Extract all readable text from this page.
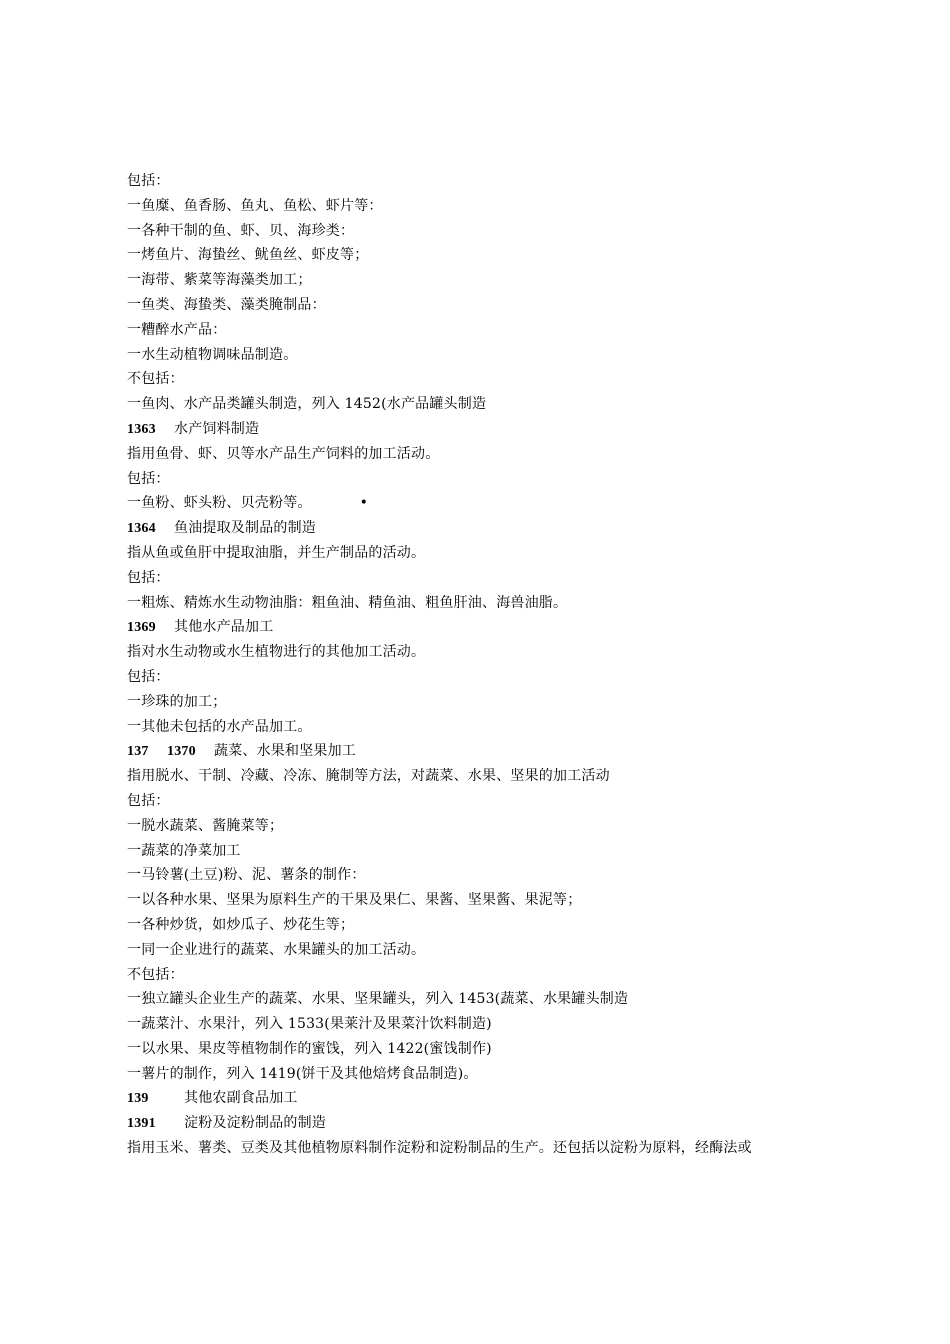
包括：
一鱼糜、鱼香肠、鱼丸、鱼松、虾片等：
一各种干制的鱼、虾、贝、海珍类：
一烤鱼片、海蛰丝、鱿鱼丝、虾皮等；
一海带、紫菜等海藻类加工；
一鱼类、海蛰类、藻类腌制品：
一糟醉水产品：
一水生动植物调味品制造。
不包括：
一鱼肉、水产品类罐头制造，列入 1452(水产品罐头制造
1363 水产饲料制造
指用鱼骨、虾、贝等水产品生产饲料的加工活动。
包括：
一鱼粉、虾头粉、贝壳粉等。	•
1364 鱼油提取及制品的制造
指从鱼或鱼肝中提取油脂，并生产制品的活动。
包括：
一粗炼、精炼水生动物油脂：粗鱼油、精鱼油、粗鱼肝油、海兽油脂。
1369 其他水产品加工
指对水生动物或水生植物进行的其他加工活动。
包括：
一珍珠的加工；
一其他未包括的水产品加工。
137 1370 蔬菜、水果和坚果加工
指用脱水、干制、冷藏、冷冻、腌制等方法，对蔬菜、水果、坚果的加工活动
包括：
一脱水蔬菜、酱腌菜等；
一蔬菜的净菜加工
一马铃薯(土豆)粉、泥、薯条的制作：
一以各种水果、坚果为原料生产的干果及果仁、果酱、坚果酱、果泥等；
一各种炒货，如炒瓜子、炒花生等；
一同一企业进行的蔬菜、水果罐头的加工活动。
不包括：
一独立罐头企业生产的蔬菜、水果、坚果罐头，列入 1453(蔬菜、水果罐头制造
一蔬菜汁、水果汁，列入 1533(果莱汁及果菜汁饮料制造)
一以水果、果皮等植物制作的蜜饯，列入 1422(蜜饯制作)
一薯片的制作，列入 1419(饼干及其他焙烤食品制造)。
139	其他农副食品加工
1391 淀粉及淀粉制品的制造
指用玉米、薯类、豆类及其他植物原料制作淀粉和淀粉制品的生产。还包括以淀粉为原料，经酶法或
